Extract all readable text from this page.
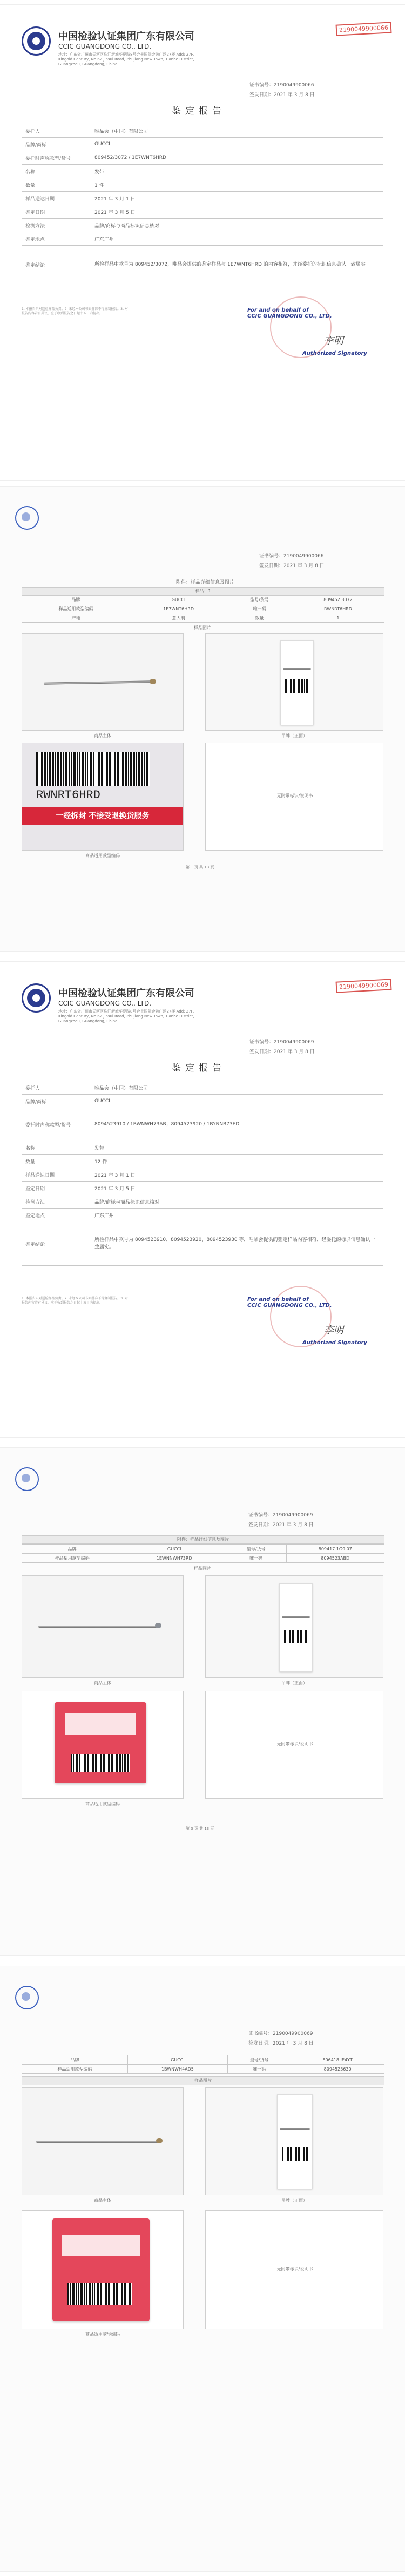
中国检验认证集团广东有限公司
CCIC GUANGDONG CO., LTD.
地址：广东省广州市天河区珠江新城华夏路8号合景国际金融广场27楼 Add: 27F, Kingold Century, No.62 Jinsui Road, Zhujiang New Town, Tianhe District, Guangzhou, Guangdong, China
2190049900066
证书编号：2190049900066
签发日期：2021 年 3 月 8 日
鉴定报告
委托人	唯品会（中国）有限公司
品牌/商标	GUCCI
委托时声称款型/货号	809452/3072 / 1E7WNT6HRD
名称	发带
数量	1 件
样品送达日期	2021 年 3 月 1 日
鉴定日期	2021 年 3 月 5 日
检测方法	品牌/商标与商品标识信息核对
鉴定地点	广东广州
鉴定结论	所检样品中款号为 809452/3072，唯品会提供的鉴定样品与 1E7WNT6HRD 的内容相符，并经委托的标识信息确认一致属实。
1. 本报告只对送检样品负责。2. 未经本公司书面批准不得复制报告。3. 对报告内容若有异议，应于收到报告之日起十五日内提出。
For and on behalf of
CCIC GUANGDONG CO., LTD.
李明
Authorized Signatory
证书编号：2190049900066
签发日期：2021 年 3 月 8 日
附件：样品详细信息及图片
样品：1
品牌	GUCCI	型号/货号	809452 3072
样品适用款型编码	1E7WNT6HRD	唯一码	RWNRT6HRD
产地	意大利	数量	1
样品图片
商品主体	吊牌（正面）
RWNRT6HRD
一经拆封 不接受退换货服务
商品适用款型编码
无附带标识/说明书
第 1 页 共 13 页
中国检验认证集团广东有限公司
CCIC GUANGDONG CO., LTD.
地址：广东省广州市天河区珠江新城华夏路8号合景国际金融广场27楼 Add: 27F, Kingold Century, No.62 Jinsui Road, Zhujiang New Town, Tianhe District, Guangzhou, Guangdong, China
2190049900069
证书编号：2190049900069
签发日期：2021 年 3 月 8 日
鉴定报告
委托人	唯品会（中国）有限公司
品牌/商标	GUCCI
委托时声称款型/货号	8094523910 / 1BWNWH73AB；8094523920 / 1BYNNB73ED
名称	发带
数量	12 件
样品送达日期	2021 年 3 月 1 日
鉴定日期	2021 年 3 月 5 日
检测方法	品牌/商标与商品标识信息核对
鉴定地点	广东广州
鉴定结论	所检样品中款号为 8094523910、8094523920、8094523930 等，唯品会提供的鉴定样品内容相符，经委托的标识信息确认一致属实。
1. 本报告只对送检样品负责。2. 未经本公司书面批准不得复制报告。3. 对报告内容若有异议，应于收到报告之日起十五日内提出。
For and on behalf of
CCIC GUANGDONG CO., LTD.
李明
Authorized Signatory
证书编号：2190049900069
签发日期：2021 年 3 月 8 日
附件：样品详细信息及图片
品牌	GUCCI	型号/货号	809417 1G9I07
样品适用款型编码	1EWNNWH73RD	唯一码	8094523ABD
样品图片
商品主体	吊牌（正面）
商品适用款型编码
无附带标识/说明书
第 3 页 共 13 页
证书编号：2190049900069
签发日期：2021 年 3 月 8 日
品牌	GUCCI	型号/货号	806418 IE4YT
样品适用款型编码	1BWNWH4AD5	唯一码	8094523630
样品图片
商品主体	吊牌（正面）
商品适用款型编码
无附带标识/说明书
